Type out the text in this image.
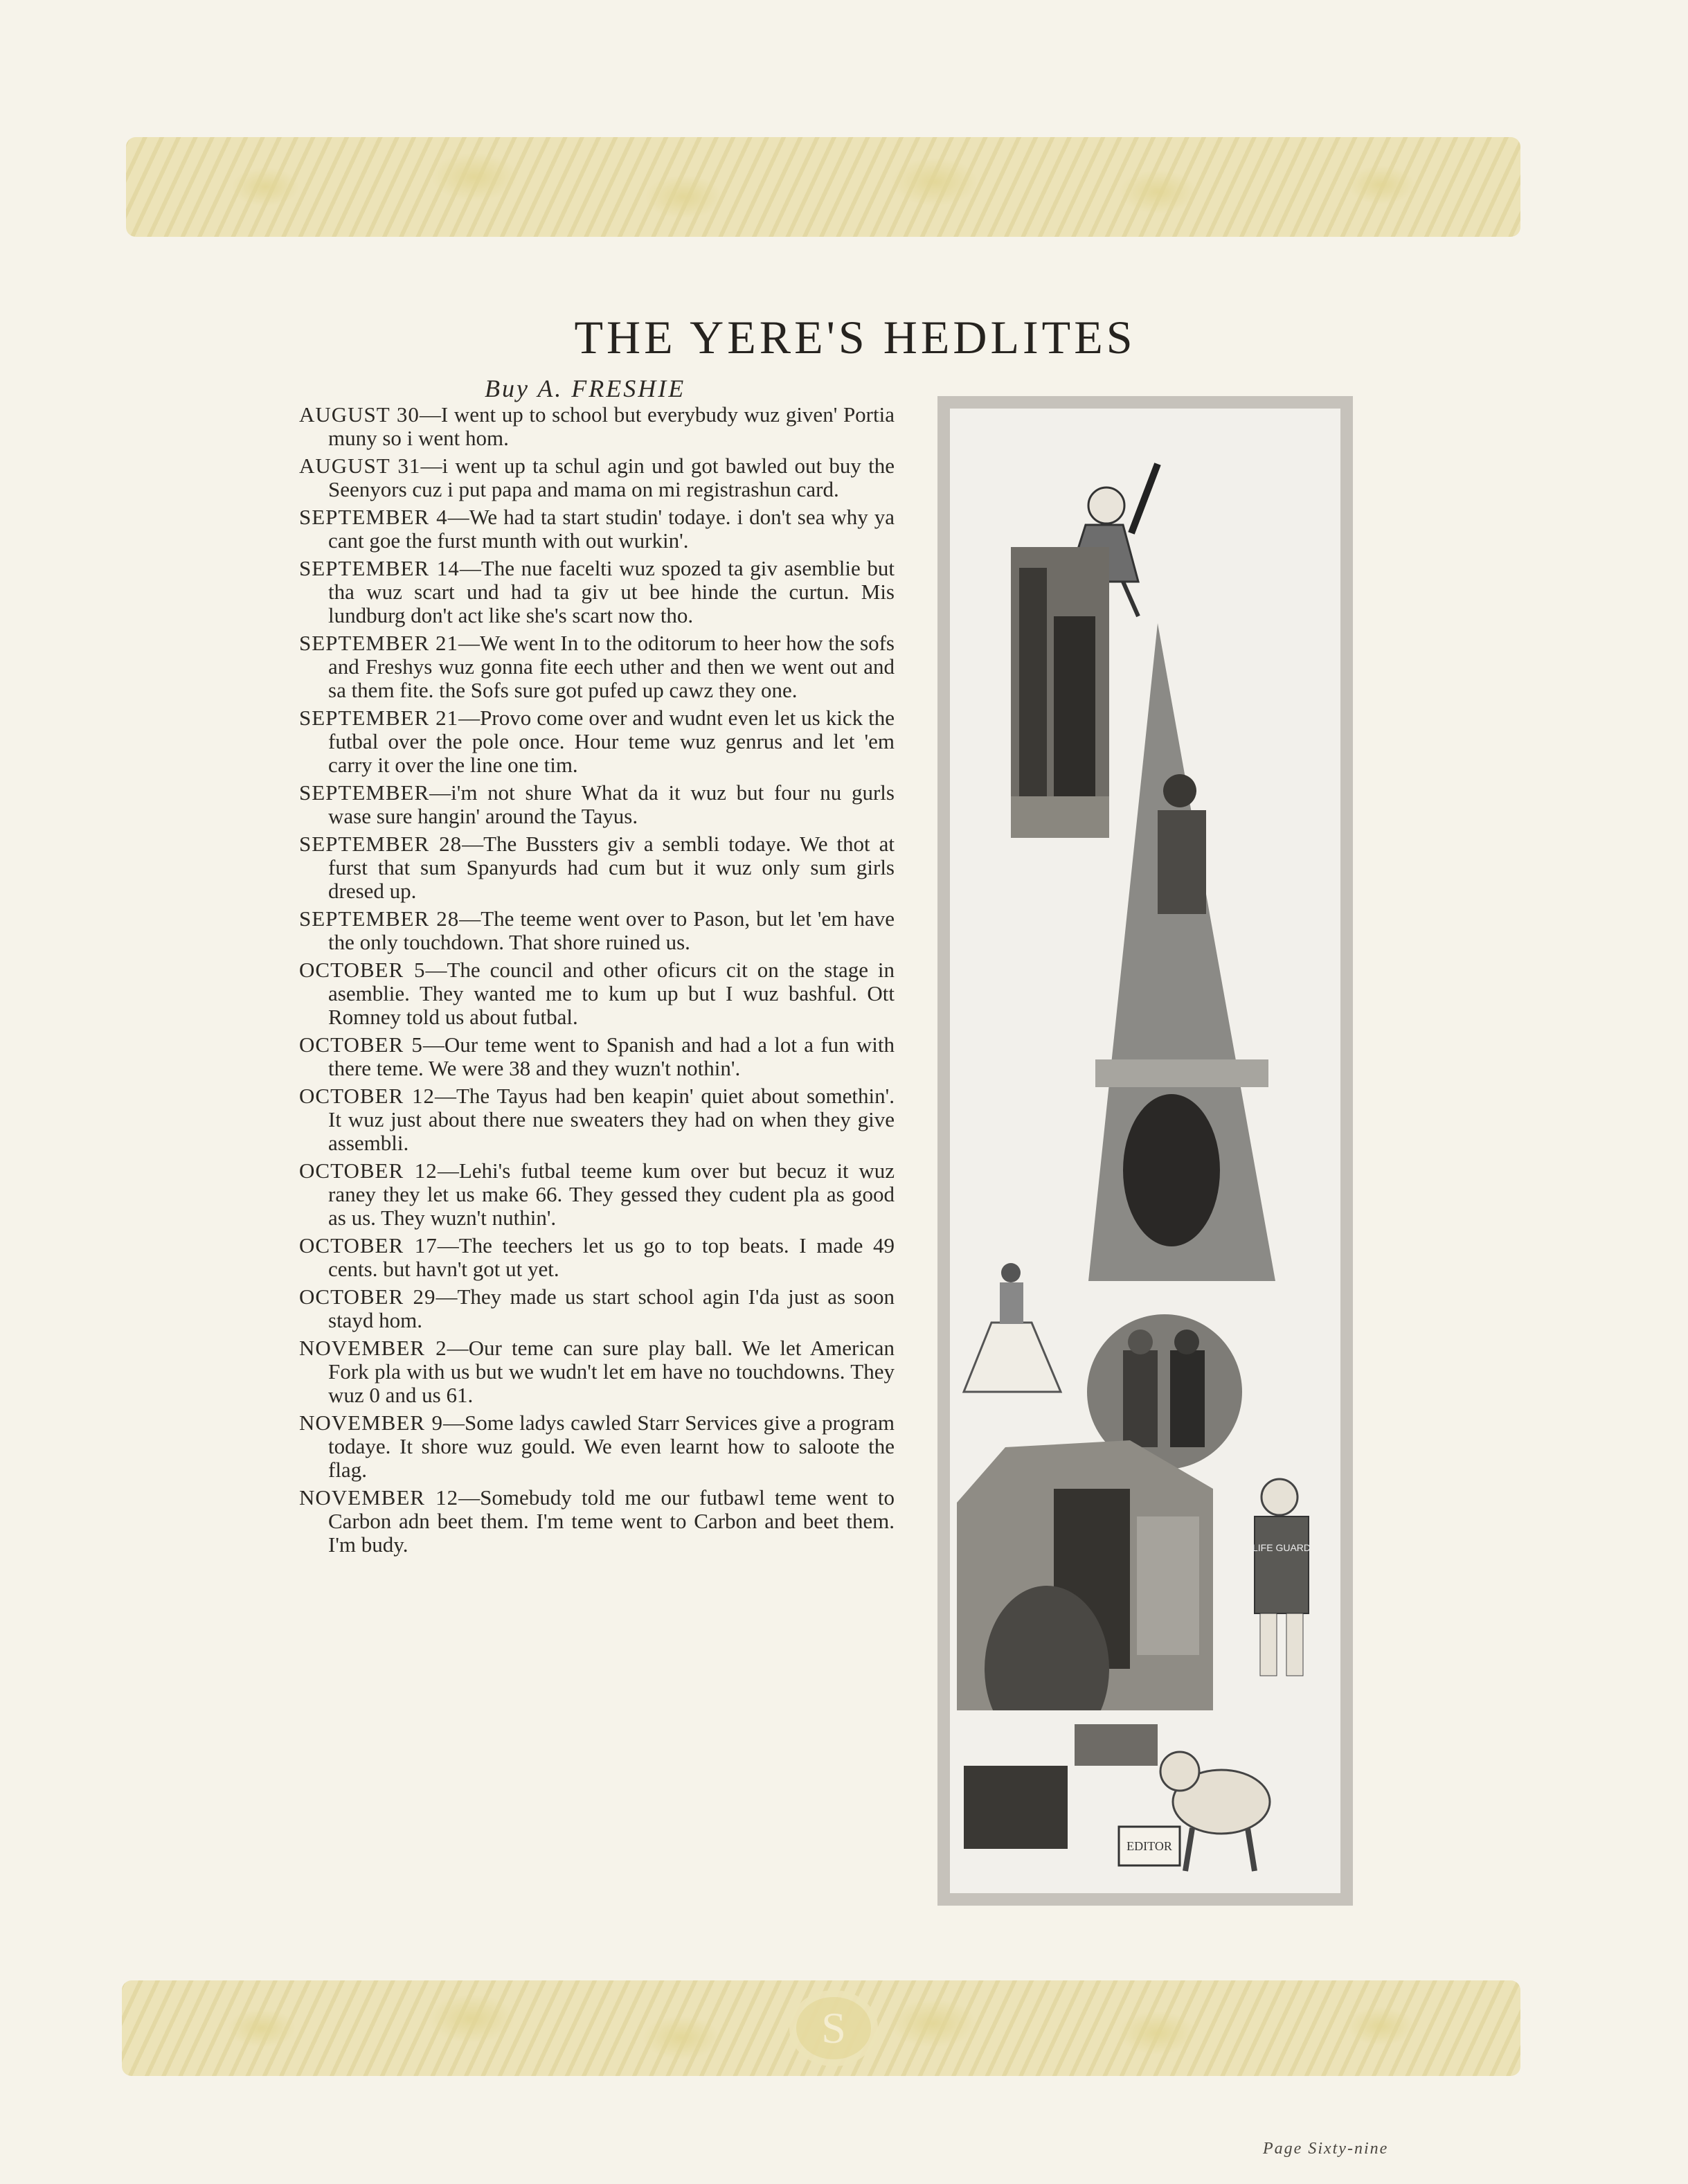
THE YERE'S HEDLITES
Buy A. FRESHIE
AUGUST 30—I went up to school but everybudy wuz given' Portia muny so i went hom.
AUGUST 31—i went up ta schul agin und got bawled out buy the Seenyors cuz i put papa and mama on mi registrashun card.
SEPTEMBER 4—We had ta start studin' todaye. i don't sea why ya cant goe the furst munth with out wurkin'.
SEPTEMBER 14—The nue facelti wuz spozed ta giv asemblie but tha wuz scart und had ta giv ut bee hinde the curtun. Mis lundburg don't act like she's scart now tho.
SEPTEMBER 21—We went In to the oditorum to heer how the sofs and Freshys wuz gonna fite eech uther and then we went out and sa them fite. the Sofs sure got pufed up cawz they one.
SEPTEMBER 21—Provo come over and wudnt even let us kick the futbal over the pole once. Hour teme wuz genrus and let 'em carry it over the line one tim.
SEPTEMBER—i'm not shure What da it wuz but four nu gurls wase sure hangin' around the Tayus.
SEPTEMBER 28—The Bussters giv a sembli todaye. We thot at furst that sum Spanyurds had cum but it wuz only sum girls dresed up.
SEPTEMBER 28—The teeme went over to Pason, but let 'em have the only touchdown. That shore ruined us.
OCTOBER 5—The council and other oficurs cit on the stage in asemblie. They wanted me to kum up but I wuz bashful. Ott Romney told us about futbal.
OCTOBER 5—Our teme went to Spanish and had a lot a fun with there teme. We were 38 and they wuzn't nothin'.
OCTOBER 12—The Tayus had ben keapin' quiet about somethin'. It wuz just about there nue sweaters they had on when they give assembli.
OCTOBER 12—Lehi's futbal teeme kum over but becuz it wuz raney they let us make 66. They gessed they cudent pla as good as us. They wuzn't nuthin'.
OCTOBER 17—The teechers let us go to top beats. I made 49 cents. but havn't got ut yet.
OCTOBER 29—They made us start school agin I'da just as soon stayd hom.
NOVEMBER 2—Our teme can sure play ball. We let American Fork pla with us but we wudn't let em have no touchdowns. They wuz 0 and us 61.
NOVEMBER 9—Some ladys cawled Starr Services give a program todaye. It shore wuz gould. We even learnt how to saloote the flag.
NOVEMBER 12—Somebudy told me our futbawl teme went to Carbon adn beet them. I'm teme went to Carbon and beet them. I'm budy.	LIFE GUARD
EDITOR
S
Page Sixty-nine
